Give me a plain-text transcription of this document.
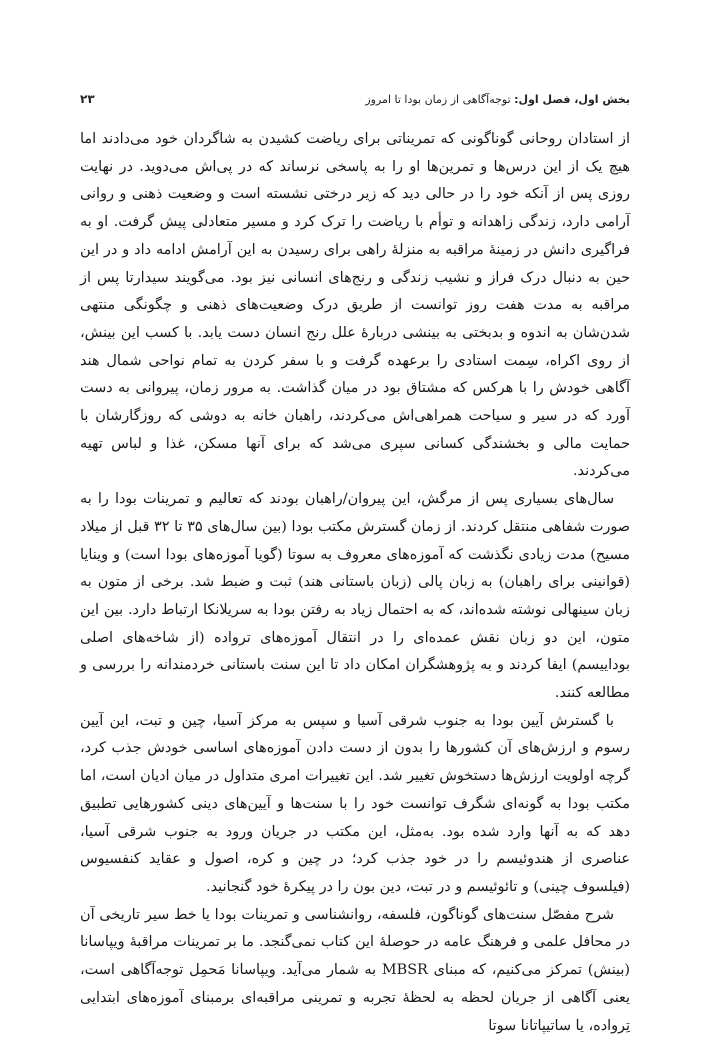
بخش اول، فصل اول: توجه‌آگاهی از زمان بودا تا امروز
۲۳

از استادان روحانی گوناگونی که تمریناتی برای ریاضت کشیدن به شاگردان خود می‌دادند اما هیچ یک از این درس‌ها و تمرین‌ها او را به پاسخی نرساند که در پی‌اش می‌دوید. در نهایت روزی پس از آنکه خود را در حالی دید که زیر درختی نشسته است و وضعیت ذهنی و روانی آرامی دارد، زندگی زاهدانه و توأم با ریاضت را ترک کرد و مسیر متعادلی پیش گرفت. او به فراگیری دانش در زمینهٔ مراقبه به منزلهٔ راهی برای رسیدن به این آرامش ادامه داد و در این حین به دنبال درک فراز و نشیب زندگی و رنج‌های انسانی نیز بود. می‌گویند سیدارتا پس از مراقبه به مدت هفت روز توانست از طریق درک وضعیت‌های ذهنی و چگونگی منتهی شدن‌شان به اندوه و بدبختی به بینشی دربارهٔ علل رنج انسان دست یابد. با کسب این بینش، از روی اکراه، سِمت استادی را برعهده گرفت و با سفر کردن به تمام نواحی شمال هند آگاهی خودش را با هرکس که مشتاق بود در میان گذاشت. به مرور زمان، پیروانی به دست آورد که در سیر و سیاحت همراهی‌اش می‌کردند، راهبان خانه به دوشی که روزگارشان با حمایت مالی و بخشندگی کسانی سپری می‌شد که برای آنها مسکن، غذا و لباس تهیه می‌کردند.

سال‌های بسیاری پس از مرگش، این پیروان/راهبان بودند که تعالیم و تمرینات بودا را به صورت شفاهی منتقل کردند. از زمان گسترش مکتب بودا (بین سال‌های ۳۵ تا ۳۲ قبل از میلاد مسیح) مدت زیادی نگذشت که آموزه‌های معروف به سوتا (گویا آموزه‌های بودا است) و وینایا (قوانینی برای راهبان) به زبان پالی (زبان باستانی هند) ثبت و ضبط شد. برخی از متون به زبان سینهالی نوشته شده‌اند، که به احتمال زیاد به رفتن بودا به سریلانکا ارتباط دارد. بین این متون، این دو زبان نقش عمده‌ای را در انتقال آموزه‌های ترواده (از شاخه‌های اصلی بوداییسم) ایفا کردند و به پژوهشگران امکان داد تا این سنت باستانی خردمندانه را بررسی و مطالعه کنند.

با گسترش آیین بودا به جنوب شرقی آسیا و سپس به مرکز آسیا، چین و تبت، این آیین رسوم و ارزش‌های آن کشورها را بدون از دست دادن آموزه‌های اساسی خودش جذب کرد، گرچه اولویت ارزش‌ها دستخوش تغییر شد. این تغییرات امری متداول در میان ادیان است، اما مکتب بودا به گونه‌ای شگرف توانست خود را با سنت‌ها و آیین‌های دینی کشورهایی تطبیق دهد که به آنها وارد شده بود. به‌مثل، این مکتب در جریان ورود به جنوب شرقی آسیا، عناصری از هندوئیسم را در خود جذب کرد؛ در چین و کره، اصول و عقاید کنفسیوس (فیلسوف چینی) و تائوئیسم و در تبت، دین بون را در پیکرهٔ خود گنجانید.

شرح مفصّل سنت‌های گوناگون، فلسفه، روانشناسی و تمرینات بودا یا خط سیر تاریخی آن در محافل علمی و فرهنگ عامه در حوصلهٔ این کتاب نمی‌گنجد. ما بر تمرینات مراقبهٔ ویپاسانا (بینش) تمرکز می‌کنیم، که مبنای MBSR به شمار می‌آید. ویپاسانا مَحمِل توجه‌آگاهی است، یعنی آگاهی از جریان لحظه به لحظهٔ تجربه و تمرینی مراقبه‌ای برمبنای آموزه‌های ابتدایی تِرواده، یا ساتیپاتانا سوتا
